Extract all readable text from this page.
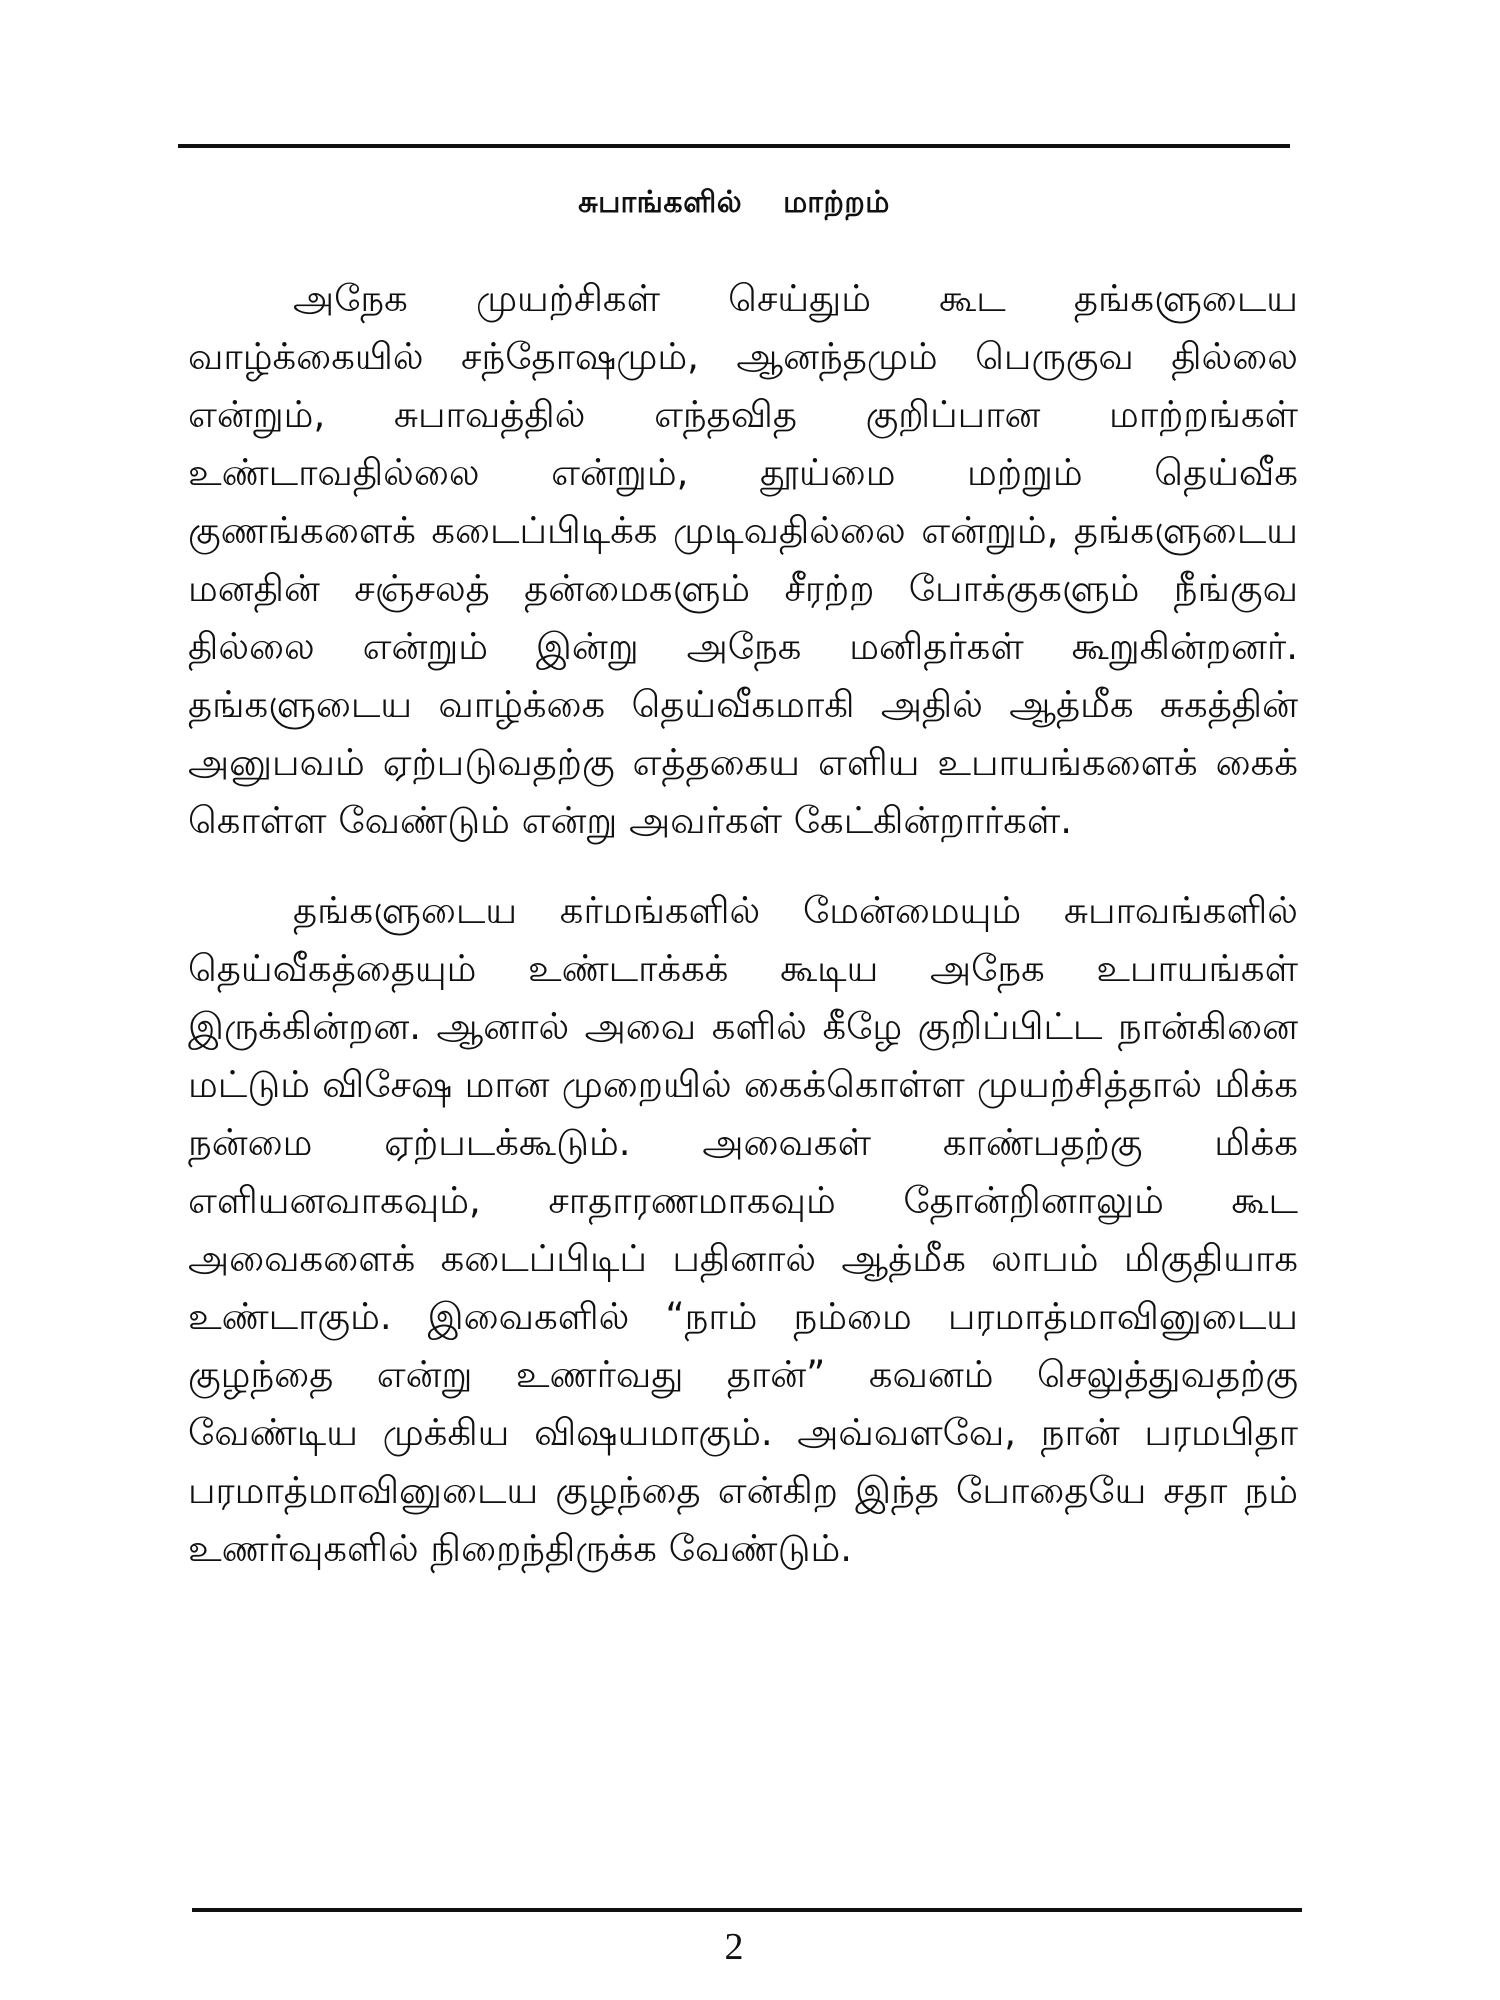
சுபாங்களில் மாற்றம்

அநேக முயற்சிகள் செய்தும் கூட தங்களுடைய வாழ்க்கையில் சந்தோஷமும், ஆனந்தமும் பெருகுவ தில்லை என்றும், சுபாவத்தில் எந்தவித குறிப்பான மாற்றங்கள் உண்டாவதில்லை என்றும், தூய்மை மற்றும் தெய்வீக குணங்களைக் கடைப்பிடிக்க முடிவதில்லை என்றும், தங்களுடைய மனதின் சஞ்சலத் தன்மைகளும் சீரற்ற போக்குகளும் நீங்குவ தில்லை என்றும் இன்று அநேக மனிதர்கள் கூறுகின்றனர். தங்களுடைய வாழ்க்கை தெய்வீகமாகி அதில் ஆத்மீக சுகத்தின் அனுபவம் ஏற்படுவதற்கு எத்தகைய எளிய உபாயங்களைக் கைக் கொள்ள வேண்டும் என்று அவர்கள் கேட்கின்றார்கள்.

தங்களுடைய கர்மங்களில் மேன்மையும் சுபாவங்களில் தெய்வீகத்தையும் உண்டாக்கக் கூடிய அநேக உபாயங்கள் இருக்கின்றன. ஆனால் அவை களில் கீழே குறிப்பிட்ட நான்கினை மட்டும் விசேஷ மான முறையில் கைக்கொள்ள முயற்சித்தால் மிக்க நன்மை ஏற்படக்கூடும். அவைகள் காண்பதற்கு மிக்க எளியனவாகவும், சாதாரணமாகவும் தோன்றினாலும் கூட அவைகளைக் கடைப்பிடிப் பதினால் ஆத்மீக லாபம் மிகுதியாக உண்டாகும். இவைகளில் “நாம் நம்மை பரமாத்மாவினுடைய குழந்தை என்று உணர்வது தான்” கவனம் செலுத்துவதற்கு வேண்டிய முக்கிய விஷயமாகும். அவ்வளவே, நான் பரமபிதா பரமாத்மாவினுடைய குழந்தை என்கிற இந்த போதையே சதா நம் உணர்வுகளில் நிறைந்திருக்க வேண்டும்.

2
